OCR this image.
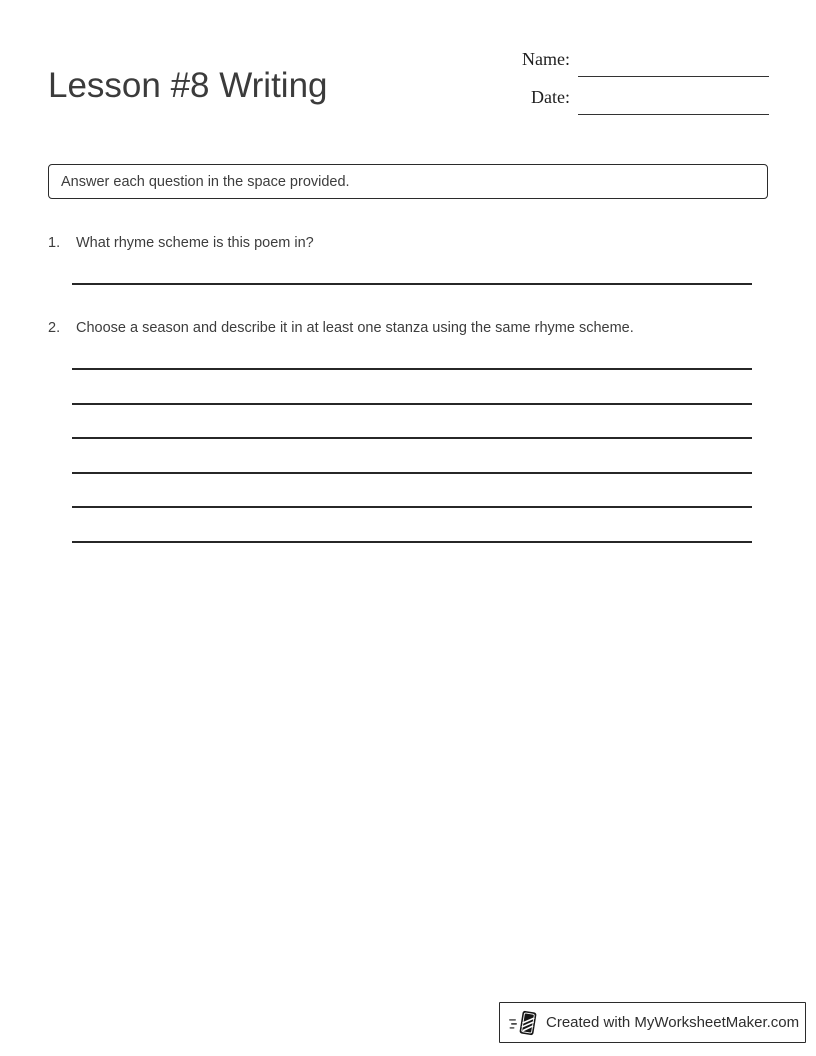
Lesson #8 Writing
Name:
Date:
Answer each question in the space provided.
1.	What rhyme scheme is this poem in?
2.	Choose a season and describe it in at least one stanza using the same rhyme scheme.
Created with MyWorksheetMaker.com
